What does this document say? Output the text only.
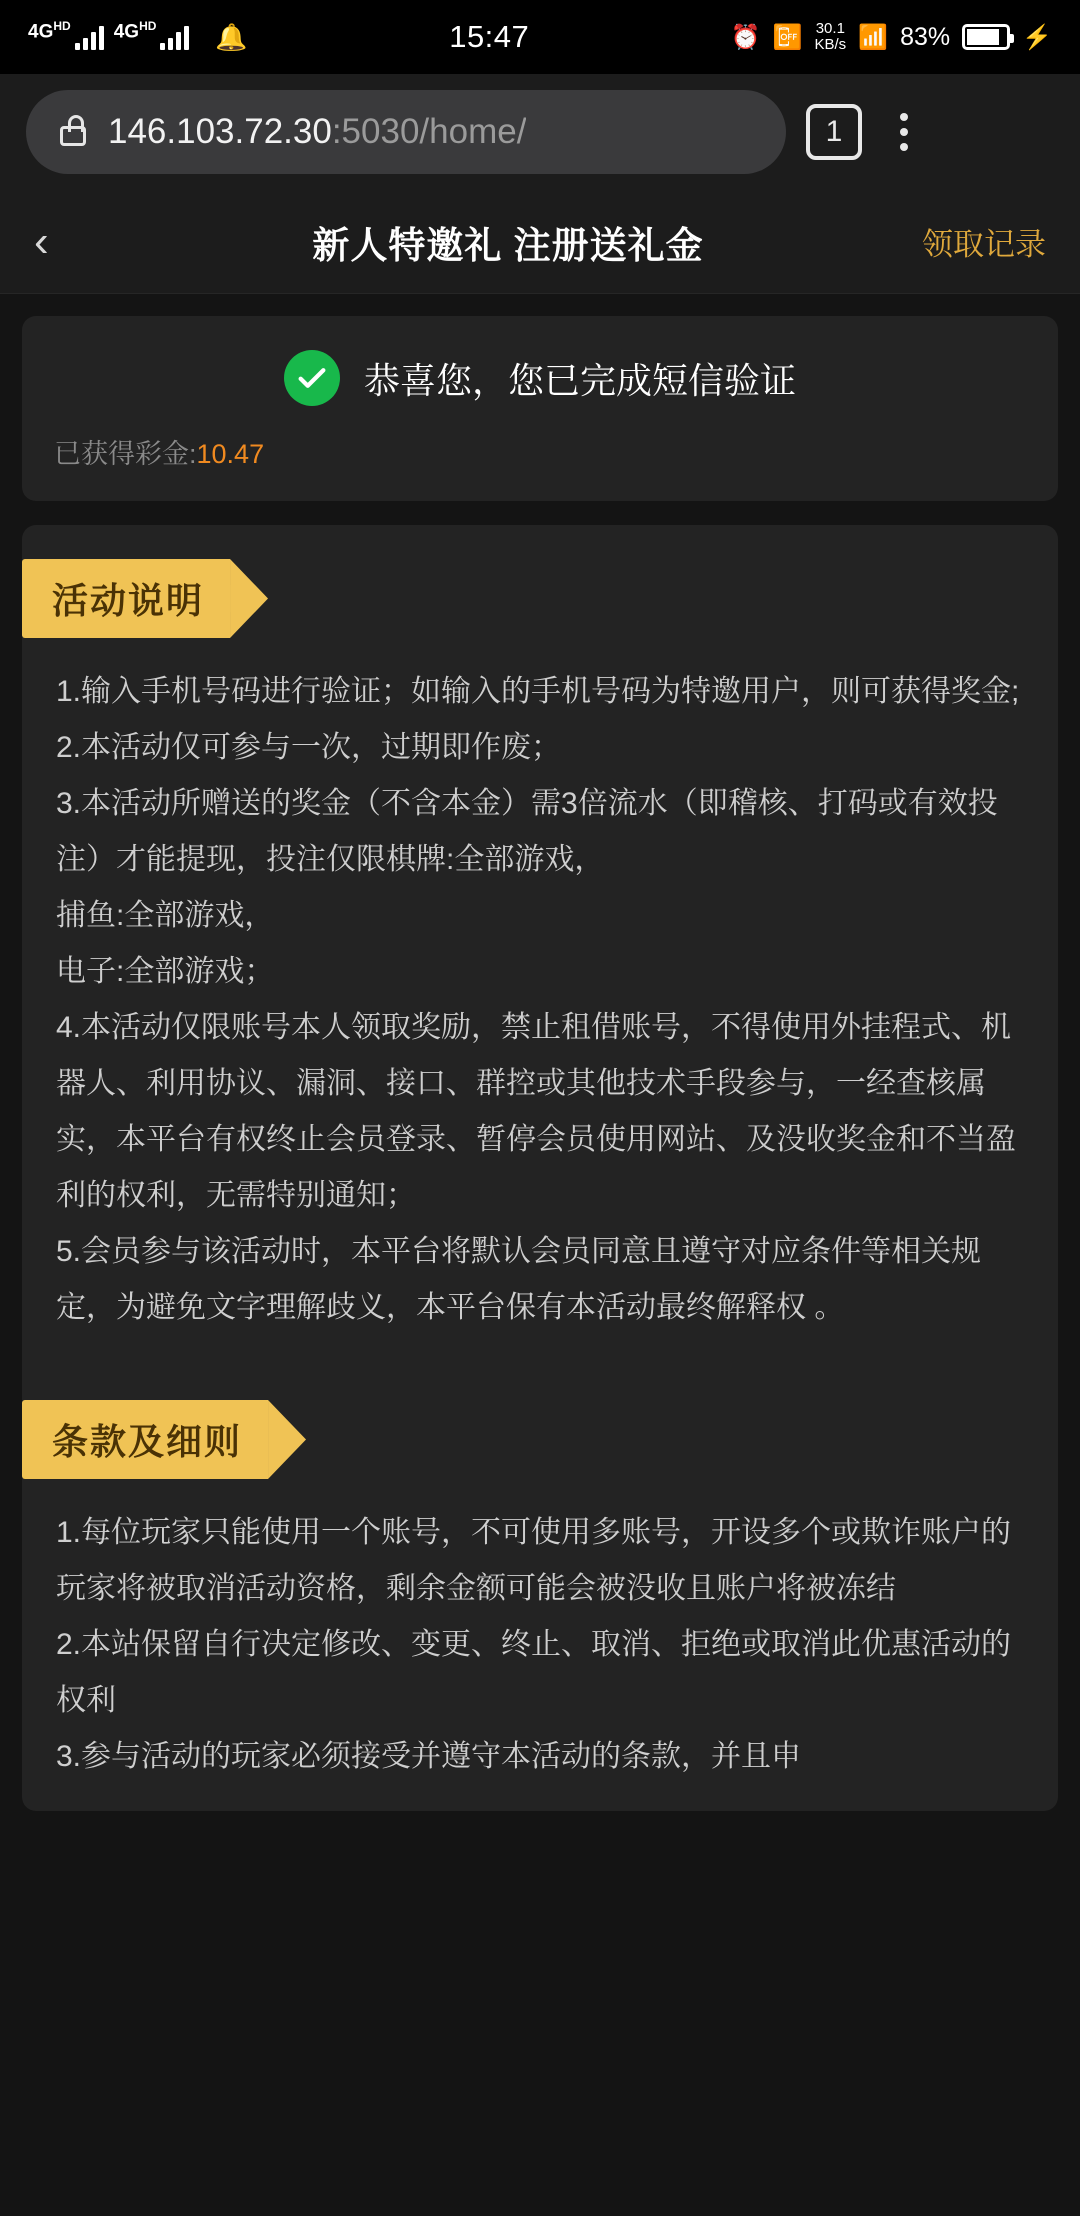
$4G^{HD}$ $4G^{HD}$ 🔔	15:47	⏰ 📴 30.1
KB/s 📶 83%	⚡
146.103.72.30:5030/home/	1
‹	新人特邀礼 注册送礼金	领取记录
恭喜您，您已完成短信验证
已获得彩金:10.47
活动说明

1.输入手机号码进行验证；如输入的手机号码为特邀用户，则可获得奖金;

2.本活动仅可参与一次，过期即作废；

3.本活动所赠送的奖金（不含本金）需3倍流水（即稽核、打码或有效投注）才能提现，投注仅限棋牌:全部游戏，

捕鱼:全部游戏，

电子:全部游戏；

4.本活动仅限账号本人领取奖励，禁止租借账号，不得使用外挂程式、机器人、利用协议、漏洞、接口、群控或其他技术手段参与，一经查核属实，本平台有权终止会员登录、暂停会员使用网站、及没收奖金和不当盈利的权利，无需特别通知；

5.会员参与该活动时，本平台将默认会员同意且遵守对应条件等相关规定，为避免文字理解歧义，本平台保有本活动最终解释权 。

条款及细则

1.每位玩家只能使用一个账号，不可使用多账号，开设多个或欺诈账户的玩家将被取消活动资格，剩余金额可能会被没收且账户将被冻结

2.本站保留自行决定修改、变更、终止、取消、拒绝或取消此优惠活动的权利

3.参与活动的玩家必须接受并遵守本活动的条款，并且申
